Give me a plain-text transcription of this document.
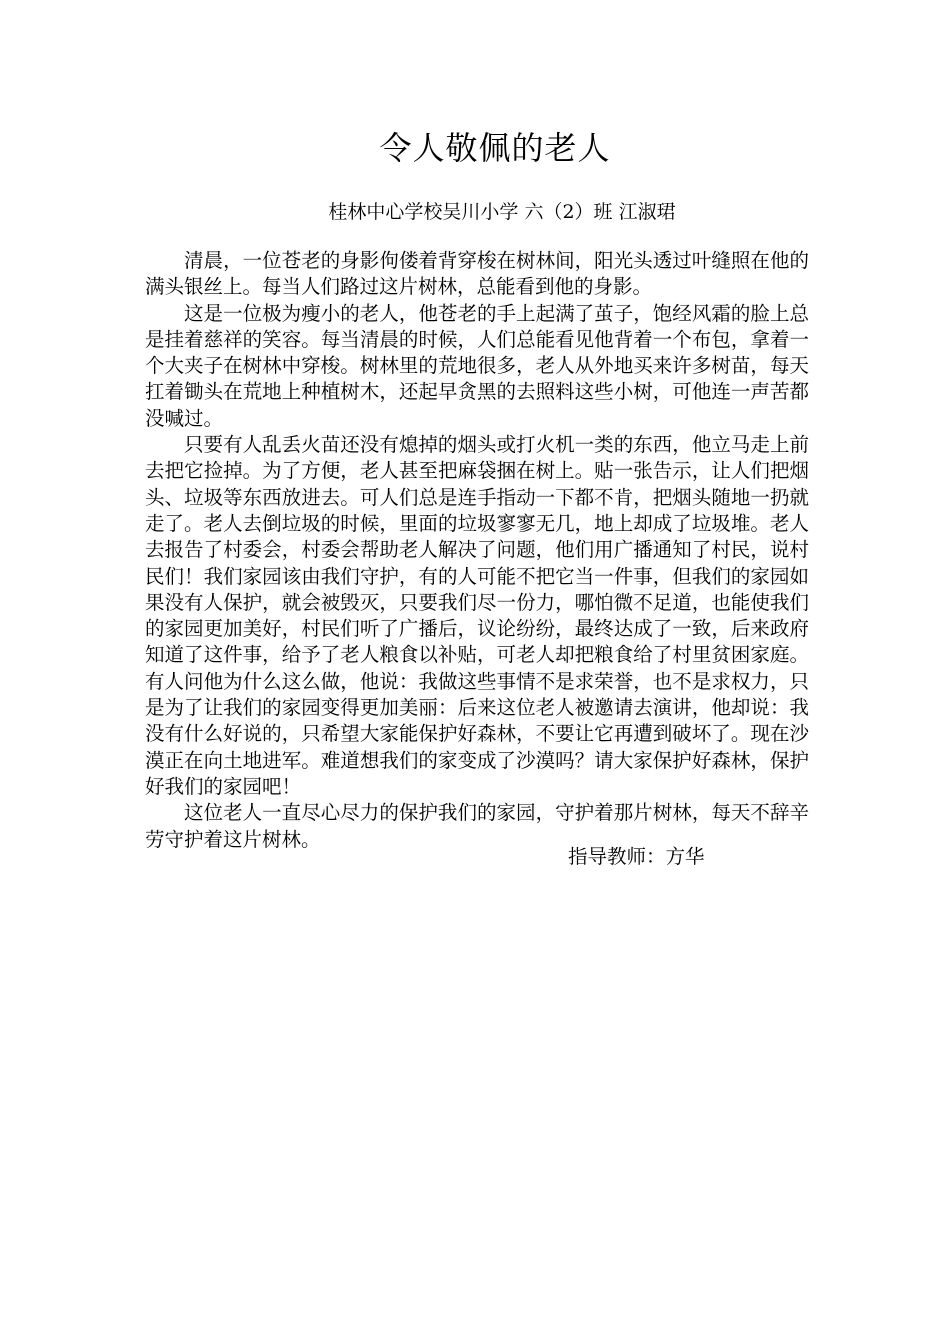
令人敬佩的老人
桂林中心学校吴川小学 六（2）班 江淑珺

清晨，一位苍老的身影佝偻着背穿梭在树林间，阳光头透过叶缝照在他的满头银丝上。每当人们路过这片树林，总能看到他的身影。

这是一位极为瘦小的老人，他苍老的手上起满了茧子，饱经风霜的脸上总是挂着慈祥的笑容。每当清晨的时候，人们总能看见他背着一个布包，拿着一个大夹子在树林中穿梭。树林里的荒地很多，老人从外地买来许多树苗，每天扛着锄头在荒地上种植树木，还起早贪黑的去照料这些小树，可他连一声苦都没喊过。

只要有人乱丢火苗还没有熄掉的烟头或打火机一类的东西，他立马走上前去把它捡掉。为了方便，老人甚至把麻袋捆在树上。贴一张告示，让人们把烟头、垃圾等东西放进去。可人们总是连手指动一下都不肯，把烟头随地一扔就走了。老人去倒垃圾的时候，里面的垃圾寥寥无几，地上却成了垃圾堆。老人去报告了村委会，村委会帮助老人解决了问题，他们用广播通知了村民，说村民们！我们家园该由我们守护，有的人可能不把它当一件事，但我们的家园如果没有人保护，就会被毁灭，只要我们尽一份力，哪怕微不足道，也能使我们的家园更加美好，村民们听了广播后，议论纷纷，最终达成了一致，后来政府知道了这件事，给予了老人粮食以补贴，可老人却把粮食给了村里贫困家庭。有人问他为什么这么做，他说：我做这些事情不是求荣誉，也不是求权力，只是为了让我们的家园变得更加美丽：后来这位老人被邀请去演讲，他却说：我没有什么好说的，只希望大家能保护好森林，不要让它再遭到破坏了。现在沙漠正在向土地进军。难道想我们的家变成了沙漠吗？请大家保护好森林，保护好我们的家园吧！

这位老人一直尽心尽力的保护我们的家园，守护着那片树林，每天不辞辛劳守护着这片树林。

指导教师：方华
